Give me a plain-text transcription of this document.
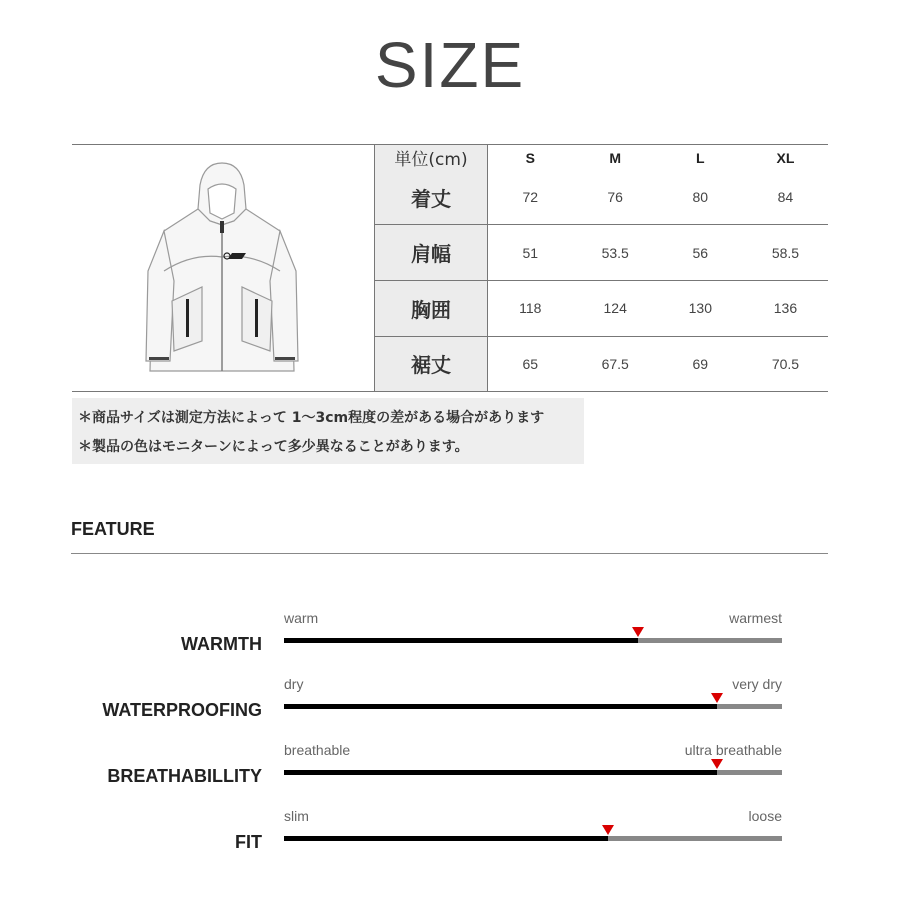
SIZE
単位(cm)	S	M	L	XL
着丈	72	76	80	84
肩幅	51	53.5	56	58.5
胸囲	118	124	130	136
裾丈	65	67.5	69	70.5
＊商品サイズは測定方法によって 1〜3cm程度の差がある場合があります
＊製品の色はモニターンによって多少異なることがあります。
FEATURE
WARMTH
warm	warmest
WATERPROOFING
dry	very dry
BREATHABILLITY
breathable	ultra breathable
FIT
slim	loose
